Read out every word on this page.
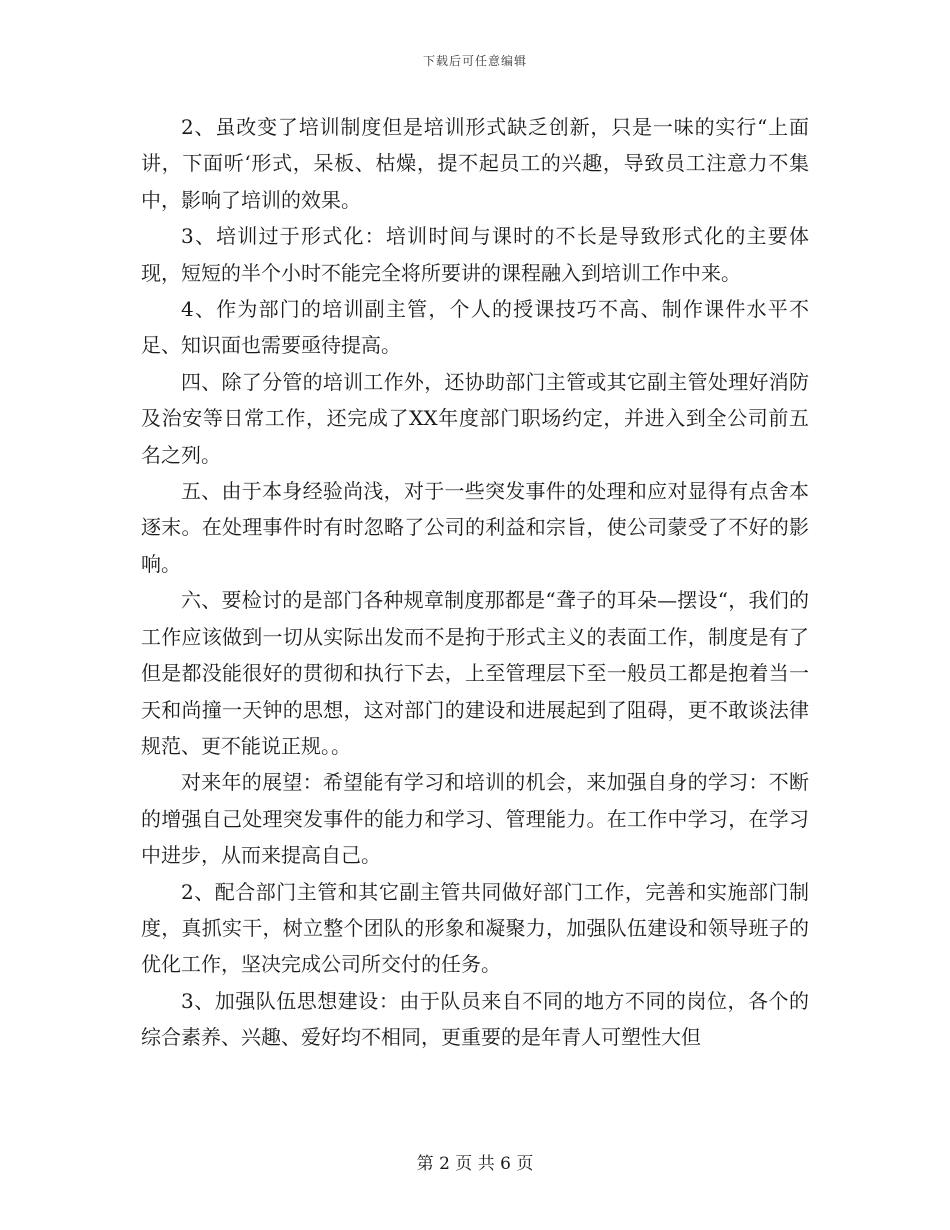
下载后可任意编辑

2、虽改变了培训制度但是培训形式缺乏创新，只是一味的实行“上面讲，下面听‘形式，呆板、枯燥，提不起员工的兴趣，导致员工注意力不集中，影响了培训的效果。

3、培训过于形式化：培训时间与课时的不长是导致形式化的主要体现，短短的半个小时不能完全将所要讲的课程融入到培训工作中来。

4、作为部门的培训副主管，个人的授课技巧不高、制作课件水平不足、知识面也需要亟待提高。

四、除了分管的培训工作外，还协助部门主管或其它副主管处理好消防及治安等日常工作，还完成了XX年度部门职场约定，并进入到全公司前五名之列。

五、由于本身经验尚浅，对于一些突发事件的处理和应对显得有点舍本逐末。在处理事件时有时忽略了公司的利益和宗旨，使公司蒙受了不好的影响。

六、要检讨的是部门各种规章制度那都是“聋子的耳朵—摆设“，我们的工作应该做到一切从实际出发而不是拘于形式主义的表面工作，制度是有了但是都没能很好的贯彻和执行下去，上至管理层下至一般员工都是抱着当一天和尚撞一天钟的思想，这对部门的建设和进展起到了阻碍，更不敢谈法律规范、更不能说正规。。

对来年的展望：希望能有学习和培训的机会，来加强自身的学习：不断的增强自己处理突发事件的能力和学习、管理能力。在工作中学习，在学习中进步，从而来提高自己。

2、配合部门主管和其它副主管共同做好部门工作，完善和实施部门制度，真抓实干，树立整个团队的形象和凝聚力，加强队伍建设和领导班子的优化工作，坚决完成公司所交付的任务。

3、加强队伍思想建设：由于队员来自不同的地方不同的岗位，各个的综合素养、兴趣、爱好均不相同，更重要的是年青人可塑性大但

第 2 页 共 6 页
